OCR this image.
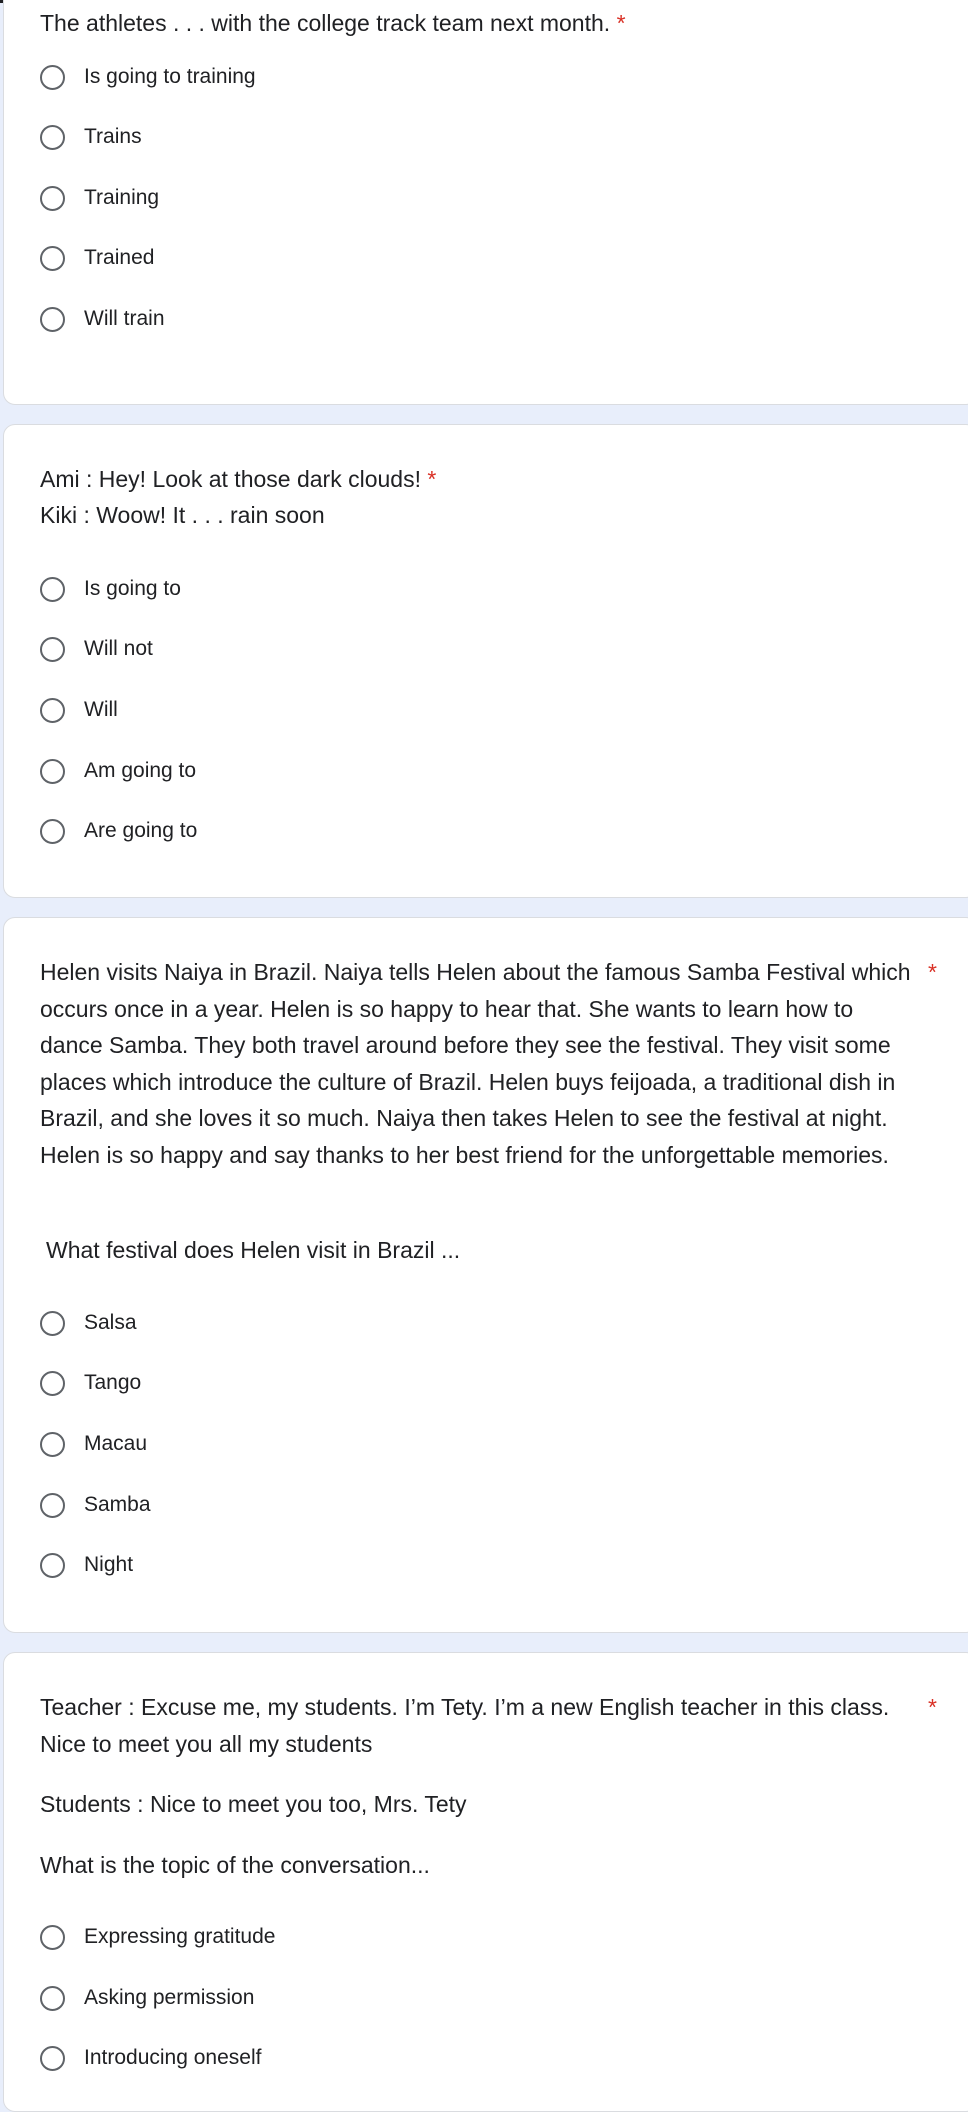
The athletes . . . with the college track team next month. *
Is going to training
Trains
Training
Trained
Will train
Ami : Hey! Look at those dark clouds! *
Kiki : Woow! It . . . rain soon
Is going to
Will not
Will
Am going to
Are going to
Helen visits Naiya in Brazil. Naiya tells Helen about the famous Samba Festival which occurs once in a year. Helen is so happy to hear that. She wants to learn how to dance Samba. They both travel around before they see the festival. They visit some places which introduce the culture of Brazil. Helen buys feijoada, a traditional dish in Brazil, and she loves it so much. Naiya then takes Helen to see the festival at night. Helen is so happy and say thanks to her best friend for the unforgettable memories.
*
What festival does Helen visit in Brazil ...
Salsa
Tango
Macau
Samba
Night
Teacher : Excuse me, my students. I’m Tety. I’m a new English teacher in this class. Nice to meet you all my students
*
Students : Nice to meet you too, Mrs. Tety
What is the topic of the conversation...
Expressing gratitude
Asking permission
Introducing oneself
